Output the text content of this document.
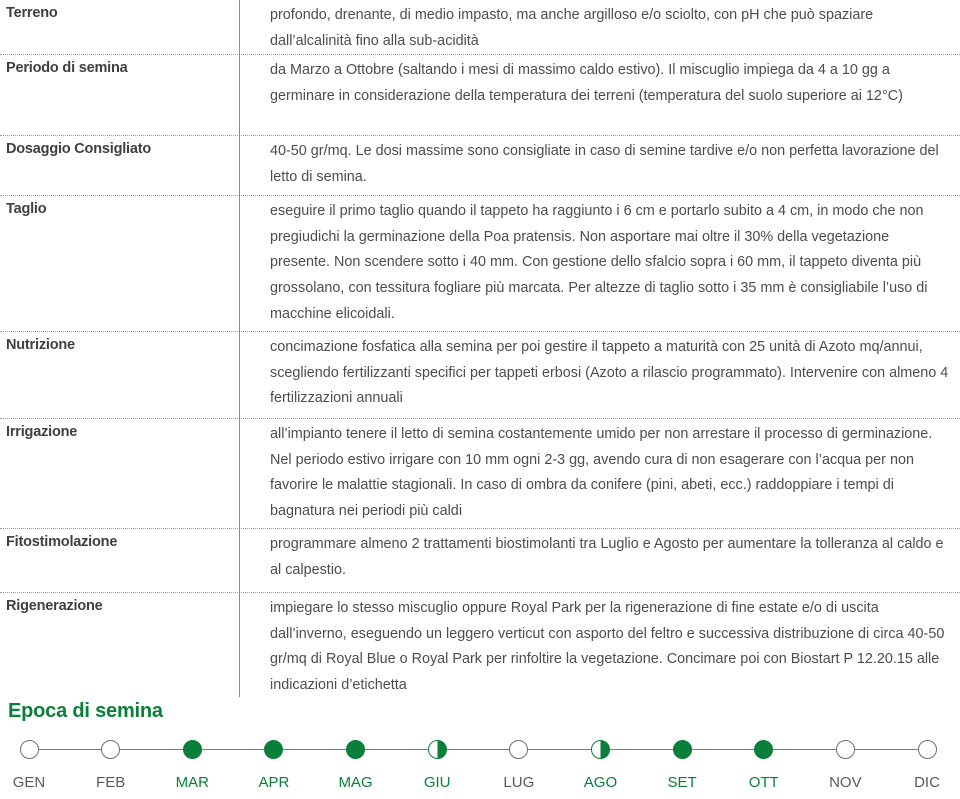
Terreno	profondo, drenante, di medio impasto, ma anche argilloso e/o sciolto, con pH che può spaziare dall’alcalinità fino alla sub-acidità
Periodo di semina	da Marzo a Ottobre (saltando i mesi di massimo caldo estivo). Il miscuglio impiega da 4 a 10 gg a germinare in considerazione della temperatura dei terreni (temperatura del suolo superiore ai 12°C)
Dosaggio Consigliato	40-50 gr/mq. Le dosi massime sono consigliate in caso di semine tardive e/o non perfetta lavorazione del letto di semina.
Taglio	eseguire il primo taglio quando il tappeto ha raggiunto i 6 cm e portarlo subito a 4 cm, in modo che non pregiudichi la germinazione della Poa pratensis. Non asportare mai oltre il 30% della vegetazione presente. Non scendere sotto i 40 mm. Con gestione dello sfalcio sopra i 60 mm, il tappeto diventa più grossolano, con tessitura fogliare più marcata. Per altezze di taglio sotto i 35 mm è consigliabile l’uso di macchine elicoidali.
Nutrizione	concimazione fosfatica alla semina per poi gestire il tappeto a maturità con 25 unità di Azoto mq/annui, scegliendo fertilizzanti specifici per tappeti erbosi (Azoto a rilascio programmato). Intervenire con almeno 4 fertilizzazioni annuali
Irrigazione	all’impianto tenere il letto di semina costantemente umido per non arrestare il processo di germinazione. Nel periodo estivo irrigare con 10 mm ogni 2-3 gg, avendo cura di non esagerare con l’acqua per non favorire le malattie stagionali. In caso di ombra da conifere (pini, abeti, ecc.) raddoppiare i tempi di bagnatura nei periodi più caldi
Fitostimolazione	programmare almeno 2 trattamenti biostimolanti tra Luglio e Agosto per aumentare la tolleranza al caldo e al calpestio.
Rigenerazione	impiegare lo stesso miscuglio oppure Royal Park per la rigenerazione di fine estate e/o di uscita dall’inverno, eseguendo un leggero verticut con asporto del feltro e successiva distribuzione di circa 40-50 gr/mq di Royal Blue o Royal Park per rinfoltire la vegetazione. Concimare poi con Biostart P 12.20.15 alle indicazioni d’etichetta
Epoca di semina
GEN	FEB	MAR	APR	MAG	GIU	LUG	AGO	SET	OTT	NOV	DIC
